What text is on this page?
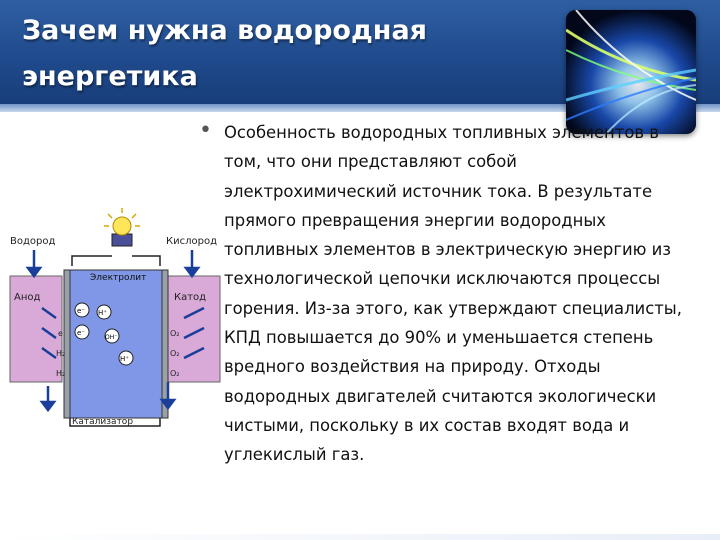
Зачем нужна водородная энергетика
Водород	Кислород
Электролит
Анод	Катод
Катализатор
e⁻ H⁺
e⁻
OH⁻
H⁺
e
H₂
H₂
O₂
O₂
O₂
• Особенность водородных топливных элементов в том, что они представляют собой электрохимический источник тока. В результате прямого превращения энергии водородных топливных элементов в электрическую энергию из технологической цепочки исключаются процессы горения. Из-за этого, как утверждают специалисты, КПД повышается до 90% и уменьшается степень вредного воздействия на природу. Отходы водородных двигателей считаются экологически чистыми, поскольку в их состав входят вода и углекислый газ.
